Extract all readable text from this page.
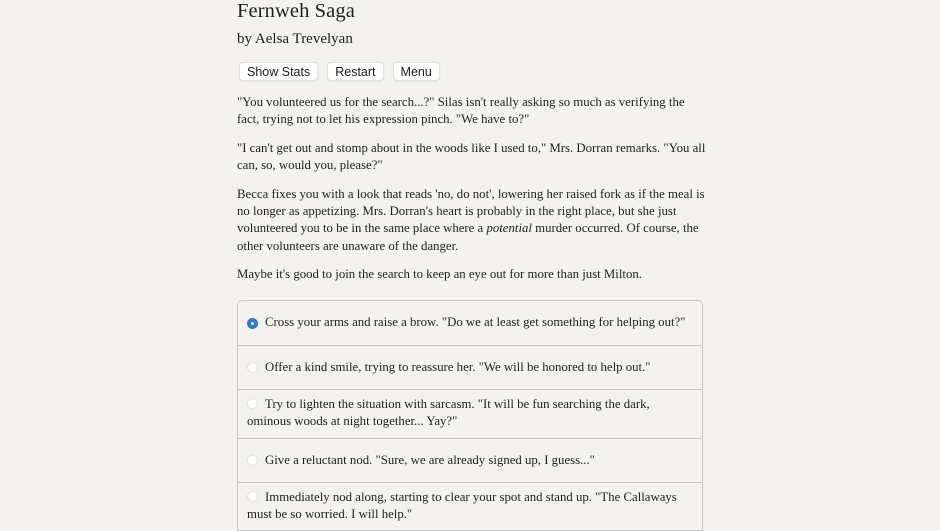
Fernweh Saga
by Aelsa Trevelyan
Show Stats	Restart	Menu

"You volunteered us for the search...?" Silas isn't really asking so much as verifying the fact, trying not to let his expression pinch. "We have to?"

"I can't get out and stomp about in the woods like I used to," Mrs. Dorran remarks. "You all can, so, would you, please?"

Becca fixes you with a look that reads 'no, do not', lowering her raised fork as if the meal is no longer as appetizing. Mrs. Dorran's heart is probably in the right place, but she just volunteered you to be in the same place where a potential murder occurred. Of course, the other volunteers are unaware of the danger.

Maybe it's good to join the search to keep an eye out for more than just Milton.

Cross your arms and raise a brow. "Do we at least get something for helping out?"
Offer a kind smile, trying to reassure her. "We will be honored to help out."
Try to lighten the situation with sarcasm. "It will be fun searching the dark, ominous woods at night together... Yay?"
Give a reluctant nod. "Sure, we are already signed up, I guess..."
Immediately nod along, starting to clear your spot and stand up. "The Callaways must be so worried. I will help."
